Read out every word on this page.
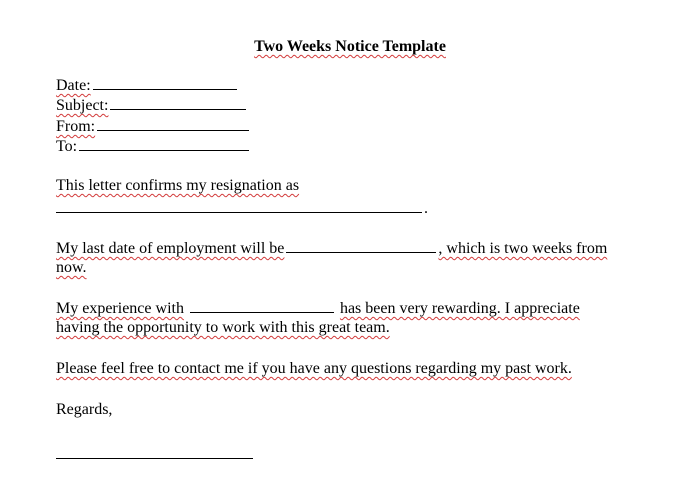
Two Weeks Notice Template
Date:
Subject:
From:
To:
This letter confirms my resignation as
.
My last date of employment will be	, which is two weeks from
now.
My experience with	has been very rewarding. I appreciate
having the opportunity to work with this great team.
Please feel free to contact me if you have any questions regarding my past work.
Regards,
